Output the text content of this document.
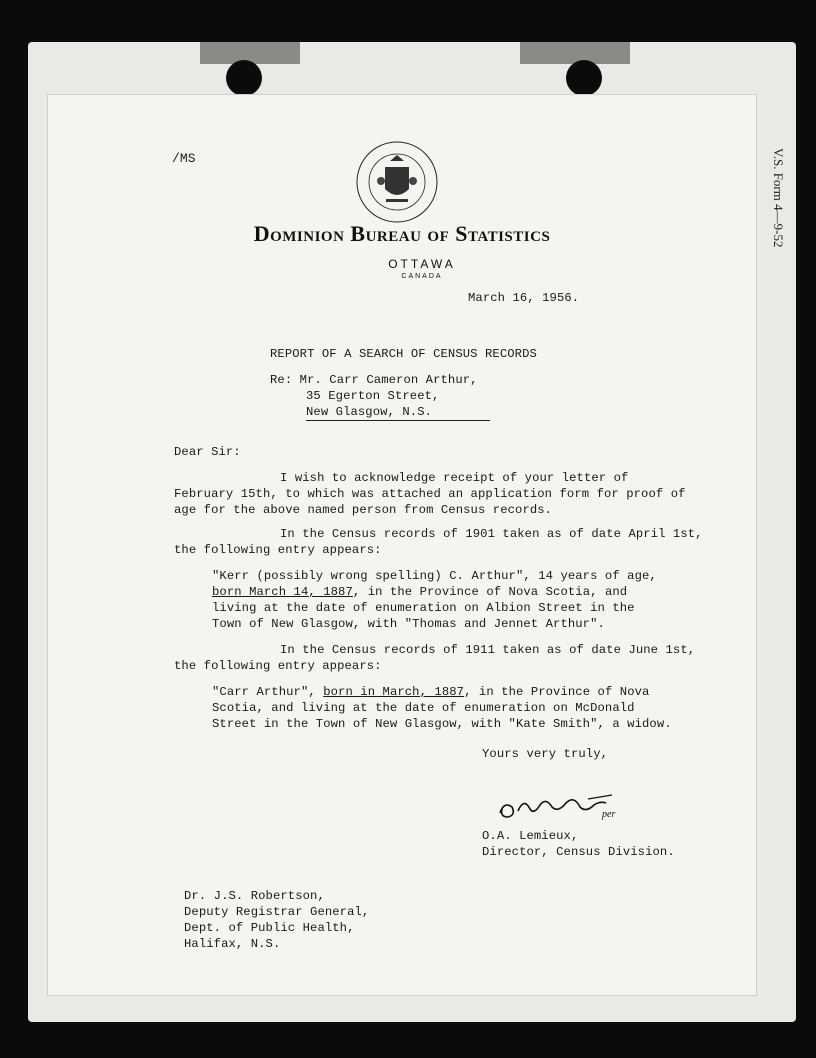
/MS
Dominion Bureau of Statistics
OTTAWA
CANADA
March 16, 1956.
REPORT OF A SEARCH OF CENSUS RECORDS
Re: Mr. Carr Cameron Arthur,
35 Egerton Street,
New Glasgow, N.S.
Dear Sir:
I wish to acknowledge receipt of your letter of
February 15th, to which was attached an application form for proof of
age for the above named person from Census records.
In the Census records of 1901 taken as of date April 1st,
the following entry appears:
"Kerr (possibly wrong spelling) C. Arthur", 14 years of age,
born March 14, 1887, in the Province of Nova Scotia, and
living at the date of enumeration on Albion Street in the
Town of New Glasgow, with "Thomas and Jennet Arthur".
In the Census records of 1911 taken as of date June 1st,
the following entry appears:
"Carr Arthur", born in March, 1887, in the Province of Nova
Scotia, and living at the date of enumeration on McDonald
Street in the Town of New Glasgow, with "Kate Smith", a widow.
Yours very truly,
per
O.A. Lemieux,
Director, Census Division.
Dr. J.S. Robertson,
Deputy Registrar General,
Dept. of Public Health,
Halifax, N.S.
